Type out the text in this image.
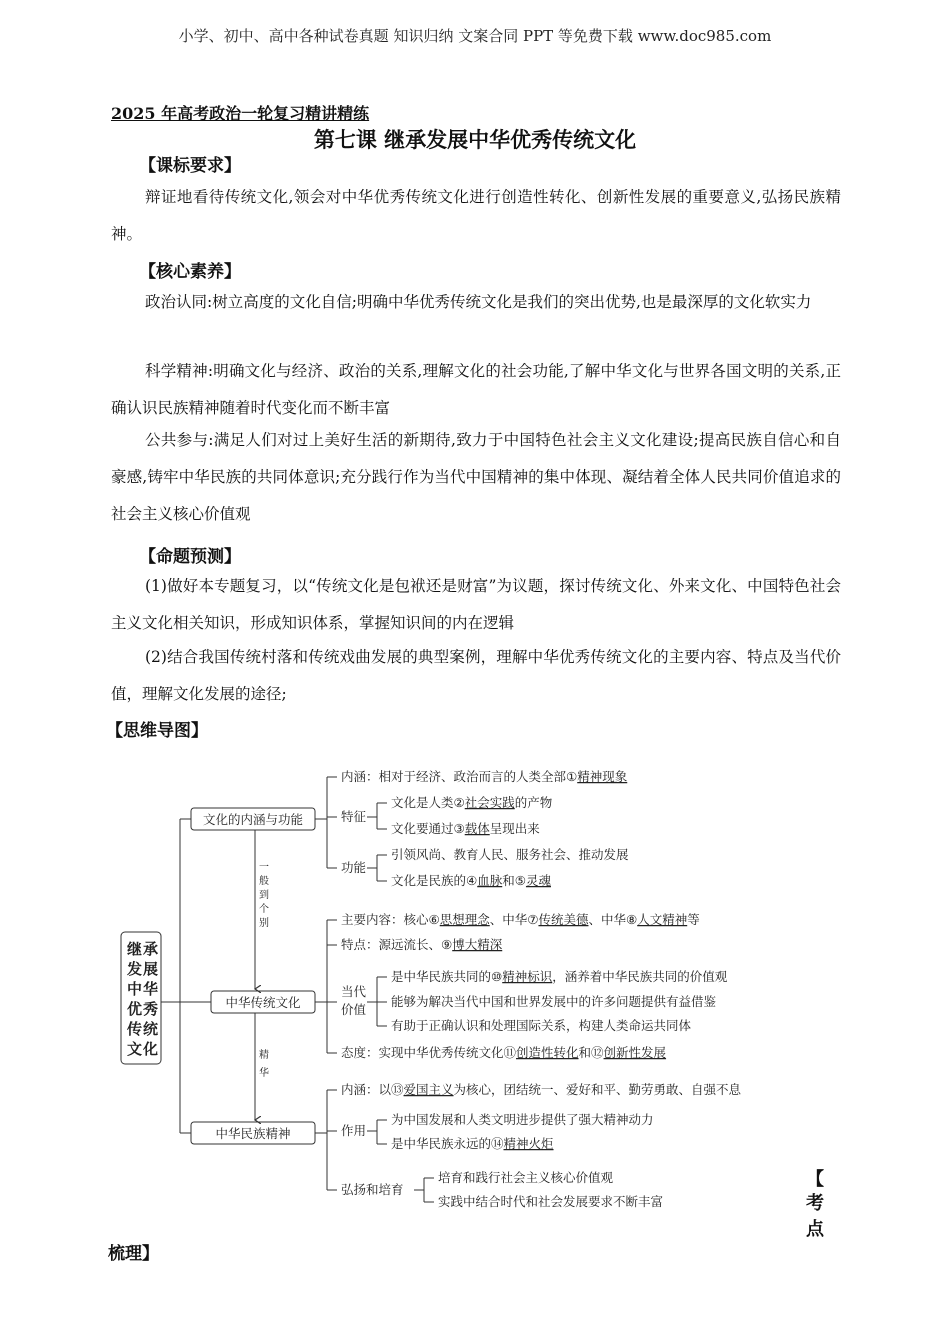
小学、初中、高中各种试卷真题 知识归纳 文案合同 PPT 等免费下载 www.doc985.com
2025 年高考政治一轮复习精讲精练
第七课 继承发展中华优秀传统文化
【课标要求】

辩证地看待传统文化,领会对中华优秀传统文化进行创造性转化、创新性发展的重要意义,弘扬民族精神。

【核心素养】

政治认同:树立高度的文化自信;明确中华优秀传统文化是我们的突出优势,也是最深厚的文化软实力

科学精神:明确文化与经济、政治的关系,理解文化的社会功能,了解中华文化与世界各国文明的关系,正确认识民族精神随着时代变化而不断丰富

公共参与:满足人们对过上美好生活的新期待,致力于中国特色社会主义文化建设;提高民族自信心和自豪感,铸牢中华民族的共同体意识;充分践行作为当代中国精神的集中体现、凝结着全体人民共同价值追求的社会主义核心价值观

【命题预测】

(1)做好本专题复习，以“传统文化是包袱还是财富”为议题，探讨传统文化、外来文化、中国特色社会主义文化相关知识，形成知识体系，掌握知识间的内在逻辑

(2)结合我国传统村落和传统戏曲发展的典型案例，理解中华优秀传统文化的主要内容、特点及当代价值，理解文化发展的途径;

【思维导图】
继
发
中
优
传
文
承
展
华
秀
统
化
文化的内涵与功能
中华传统文化
中华民族精神
一
般
到
个
别
精
华
内涵：相对于经济、政治而言的人类全部①精神现象
特征
文化是人类②社会实践的产物
文化要通过③载体呈现出来
功能
引领风尚、教育人民、服务社会、推动发展
文化是民族的④血脉和⑤灵魂
主要内容：核心⑥思想理念、中华⑦传统美德、中华⑧人文精神等
特点：源远流长、⑨博大精深
当代
价值
是中华民族共同的⑩精神标识，涵养着中华民族共同的价值观
能够为解决当代中国和世界发展中的许多问题提供有益借鉴
有助于正确认识和处理国际关系，构建人类命运共同体
态度：实现中华优秀传统文化⑪创造性转化和⑫创新性发展
内涵：以⑬爱国主义为核心，团结统一、爱好和平、勤劳勇敢、自强不息
作用
为中国发展和人类文明进步提供了强大精神动力
是中华民族永远的⑭精神火炬
弘扬和培育
培育和践行社会主义核心价值观
实践中结合时代和社会发展要求不断丰富
【
考
点
梳理】
